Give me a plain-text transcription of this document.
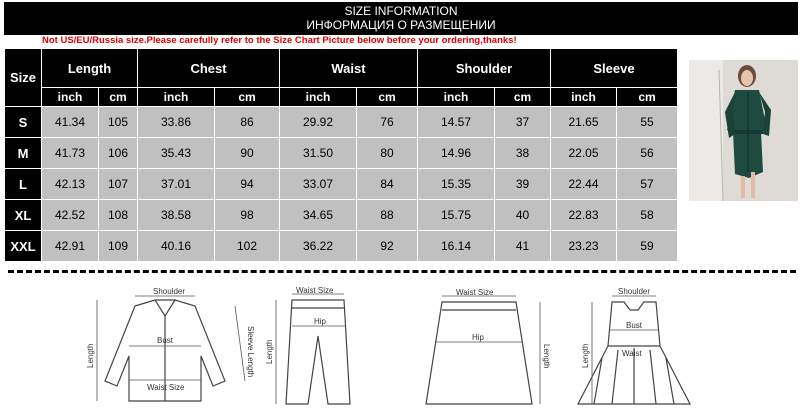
SIZE INFORMATION
ИНФОРМАЦИЯ О РАЗМЕЩЕНИИ
Not US/EU/Russia size.Please carefully refer to the Size Chart Picture below before your ordering,thanks!
Size	Length		Chest		Waist		Shoulder		Sleeve	
	inch	cm	inch	cm	inch	cm	inch	cm	inch	cm
S	41.34	105	33.86	86	29.92	76	14.57	37	21.65	55
M	41.73	106	35.43	90	31.50	80	14.96	38	22.05	56
L	42.13	107	37.01	94	33.07	84	15.35	39	22.44	57
XL	42.52	108	38.58	98	34.65	88	15.75	40	22.83	58
XXL	42.91	109	40.16	102	36.22	92	16.14	41	23.23	59
Shoulder
Bust
Waist Size
Length	Sleeve Length
Waist Size
Hip
Length
Waist Size
Hip
Length
Shoulder
Bust
Waist
Length
